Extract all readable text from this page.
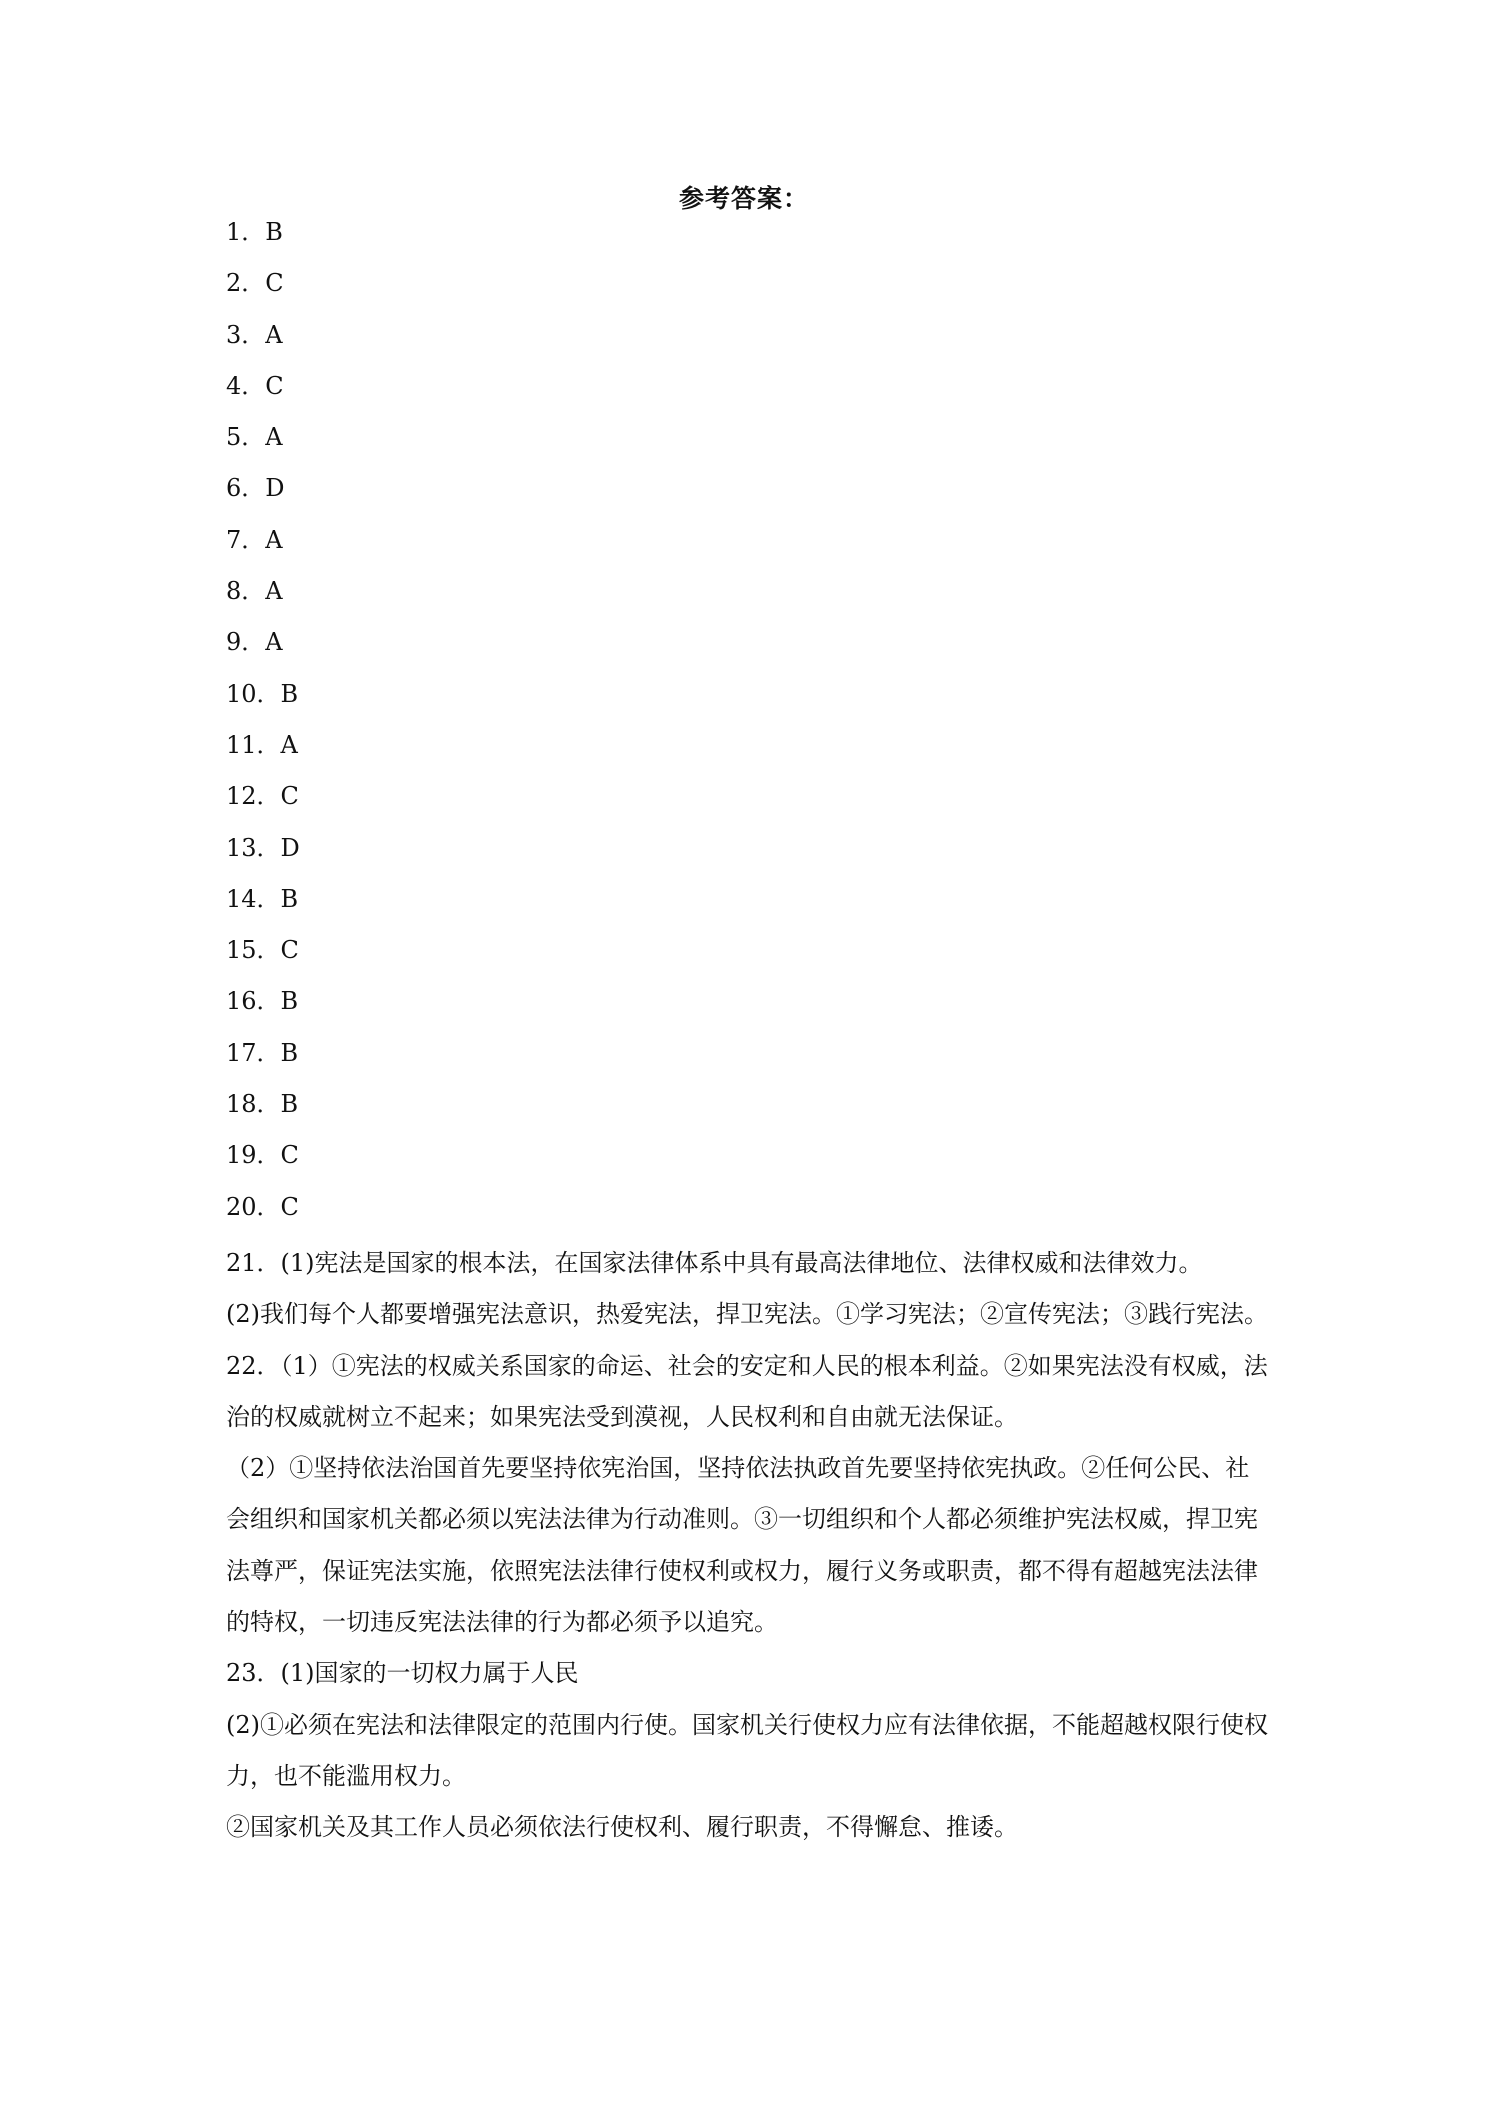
参考答案：
1．B
2．C
3．A
4．C
5．A
6．D
7．A
8．A
9．A
10．B
11．A
12．C
13．D
14．B
15．C
16．B
17．B
18．B
19．C
20．C

21．(1)宪法是国家的根本法，在国家法律体系中具有最高法律地位、法律权威和法律效力。

(2)我们每个人都要增强宪法意识，热爱宪法，捍卫宪法。①学习宪法；②宣传宪法；③践行宪法。

22．（1）①宪法的权威关系国家的命运、社会的安定和人民的根本利益。②如果宪法没有权威，法治的权威就树立不起来；如果宪法受到漠视，人民权利和自由就无法保证。

（2）①坚持依法治国首先要坚持依宪治国，坚持依法执政首先要坚持依宪执政。②任何公民、社会组织和国家机关都必须以宪法法律为行动准则。③一切组织和个人都必须维护宪法权威，捍卫宪法尊严，保证宪法实施，依照宪法法律行使权利或权力，履行义务或职责，都不得有超越宪法法律的特权，一切违反宪法法律的行为都必须予以追究。

23．(1)国家的一切权力属于人民

(2)①必须在宪法和法律限定的范围内行使。国家机关行使权力应有法律依据，不能超越权限行使权力，也不能滥用权力。

②国家机关及其工作人员必须依法行使权利、履行职责，不得懈怠、推诿。
